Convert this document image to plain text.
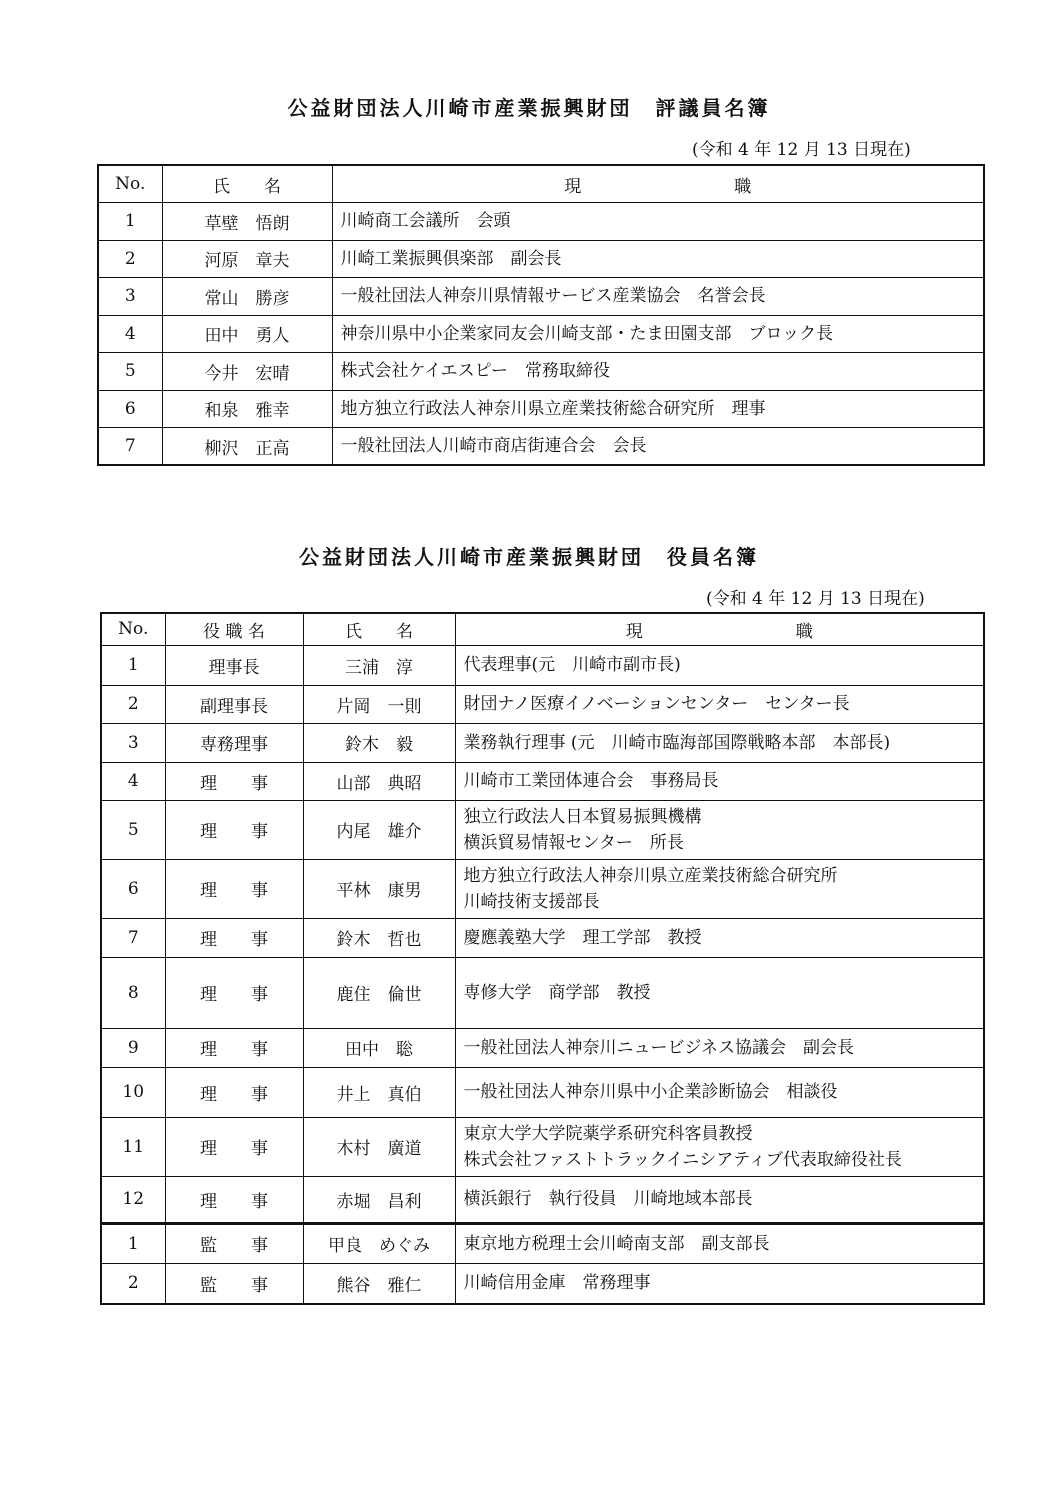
公益財団法人川崎市産業振興財団　評議員名簿
(令和 4 年 12 月 13 日現在)
No.	氏　　名	現　　　　　　　　　職
1	草壁　悟朗	川崎商工会議所　会頭
2	河原　章夫	川崎工業振興倶楽部　副会長
3	常山　勝彦	一般社団法人神奈川県情報サービス産業協会　名誉会長
4	田中　勇人	神奈川県中小企業家同友会川崎支部・たま田園支部　ブロック長
5	今井　宏晴	株式会社ケイエスピー　常務取締役
6	和泉　雅幸	地方独立行政法人神奈川県立産業技術総合研究所　理事
7	柳沢　正高	一般社団法人川崎市商店街連合会　会長
公益財団法人川崎市産業振興財団　役員名簿
(令和 4 年 12 月 13 日現在)
No.	役 職 名	氏　　名	現　　　　　　　　　職
1	理事長	三浦　淳	代表理事(元　川崎市副市長)
2	副理事長	片岡　一則	財団ナノ医療イノベーションセンター　センター長
3	専務理事	鈴木　毅	業務執行理事 (元　川崎市臨海部国際戦略本部　本部長)
4	理　　事	山部　典昭	川崎市工業団体連合会　事務局長
5	理　　事	内尾　雄介	独立行政法人日本貿易振興機構
横浜貿易情報センター　所長

6	理　　事	平林　康男	地方独立行政法人神奈川県立産業技術総合研究所
川崎技術支援部長

7	理　　事	鈴木　哲也	慶應義塾大学　理工学部　教授
8	理　　事	鹿住　倫世	専修大学　商学部　教授
9	理　　事	田中　聡	一般社団法人神奈川ニュービジネス協議会　副会長
10	理　　事	井上　真伯	一般社団法人神奈川県中小企業診断協会　相談役
11	理　　事	木村　廣道	東京大学大学院薬学系研究科客員教授
株式会社ファストトラックイニシアティブ代表取締役社長

12	理　　事	赤堀　昌利	横浜銀行　執行役員　川崎地域本部長
1	監　　事	甲良　めぐみ	東京地方税理士会川崎南支部　副支部長
2	監　　事	熊谷　雅仁	川崎信用金庫　常務理事
